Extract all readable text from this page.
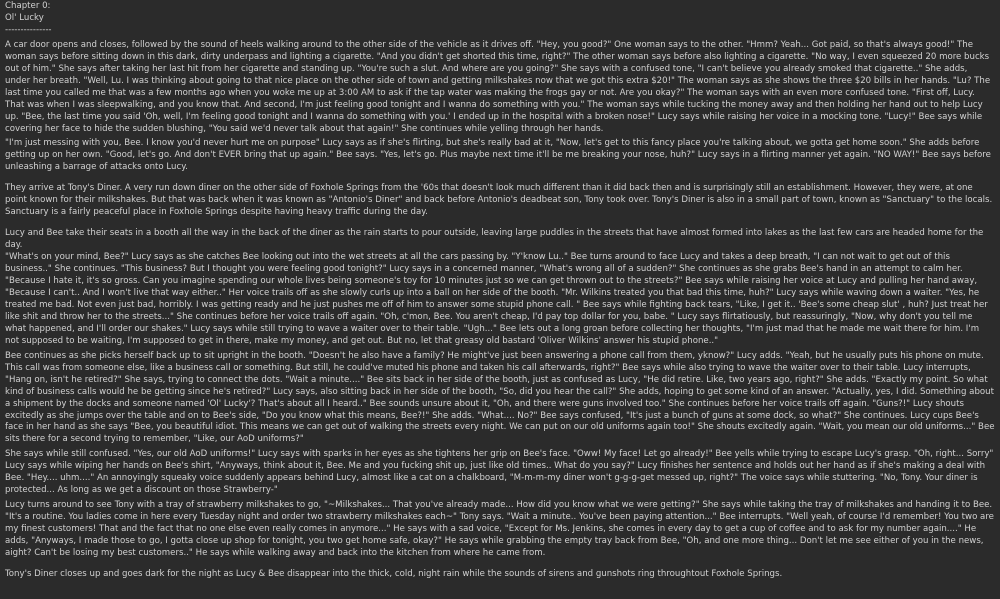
Chapter 0:

Ol' Lucky

---------------

A car door opens and closes, followed by the sound of heels walking around to the other side of the vehicle as it drives off. "Hey, you good?" One woman says to the other. "Hmm? Yeah... Got paid, so that's always good!" The woman says before sitting down in this dark, dirty underpass and lighting a cigarette. "And you didn't get shorted this time, right?" The other woman says before also lighting a cigarette. "No way, I even squeezed 20 more bucks out of him." She says after taking her last hit from her cigarette and standing up. "You're such a slut. And where are you going?" She says with a confused tone, "I can't believe you already smoked that cigarette.." She adds, under her breath. "Well, Lu. I was thinking about going to that nice place on the other side of town and getting milkshakes now that we got this extra $20!" The woman says as she shows the three $20 bills in her hands. "Lu? The last time you called me that was a few months ago when you woke me up at 3:00 AM to ask if the tap water was making the frogs gay or not. Are you okay?" The woman says with an even more confused tone. "First off, Lucy. That was when I was sleepwalking, and you know that. And second, I'm just feeling good tonight and I wanna do something with you." The woman says while tucking the money away and then holding her hand out to help Lucy up. "Bee, the last time you said 'Oh, well, I'm feeling good tonight and I wanna do something with you.' I ended up in the hospital with a broken nose!" Lucy says while raising her voice in a mocking tone. "Lucy!" Bee says while covering her face to hide the sudden blushing, "You said we'd never talk about that again!" She continues while yelling through her hands.

"I'm just messing with you, Bee. I know you'd never hurt me on purpose" Lucy says as if she's flirting, but she's really bad at it, "Now, let's get to this fancy place you're talking about, we gotta get home soon." She adds before getting up on her own. "Good, let's go. And don't EVER bring that up again." Bee says. "Yes, let's go. Plus maybe next time it'll be me breaking your nose, huh?" Lucy says in a flirting manner yet again. "NO WAY!" Bee says before unleashing a barrage of attacks onto Lucy.

They arrive at Tony's Diner. A very run down diner on the other side of Foxhole Springs from the '60s that doesn't look much different than it did back then and is surprisingly still an establishment. However, they were, at one point known for their milkshakes. But that was back when it was known as "Antonio's Diner" and back before Antonio's deadbeat son, Tony took over. Tony's Diner is also in a small part of town, known as "Sanctuary" to the locals. Sanctuary is a fairly peaceful place in Foxhole Springs despite having heavy traffic during the day.

Lucy and Bee take their seats in a booth all the way in the back of the diner as the rain starts to pour outside, leaving large puddles in the streets that have almost formed into lakes as the last few cars are headed home for the day.
"What's on your mind, Bee?" Lucy says as she catches Bee looking out into the wet streets at all the cars passing by. "Y'know Lu.." Bee turns around to face Lucy and takes a deep breath, "I can not wait to get out of this business.." She continues. "This business? But I thought you were feeling good tonight?" Lucy says in a concerned manner, "What's wrong all of a sudden?" She continues as she grabs Bee's hand in an attempt to calm her. "Because I hate it, it's so gross. Can you imagine spending our whole lives being someone's toy for 10 minutes just so we can get thrown out to the streets?" Bee says while raising her voice at Lucy and pulling her hand away, "Because I can't.. And I won't live that way either.." Her voice trails off as she slowly curls up into a ball on her side of the booth. "Mr. Wilkins treated you that bad this time, huh?" Lucy says while waving down a waiter. "Yes, he treated me bad. Not even just bad, horribly. I was getting ready and he just pushes me off of him to answer some stupid phone call. " Bee says while fighting back tears, "Like, I get it.. 'Bee's some cheap slut' , huh? Just treat her like shit and throw her to the streets..." She continues before her voice trails off again. "Oh, c'mon, Bee. You aren't cheap, I'd pay top dollar for you, babe. " Lucy says flirtatiously, but reassuringly, "Now, why don't you tell me what happened, and I'll order our shakes." Lucy says while still trying to wave a waiter over to their table. "Ugh..." Bee lets out a long groan before collecting her thoughts, "I'm just mad that he made me wait there for him. I'm not supposed to be waiting, I'm supposed to get in there, make my money, and get out. But no, let that greasy old bastard 'Oliver Wilkins' answer his stupid phone.."

Bee continues as she picks herself back up to sit upright in the booth. "Doesn't he also have a family? He might've just been answering a phone call from them, yknow?" Lucy adds. "Yeah, but he usually puts his phone on mute. This call was from someone else, like a business call or something. But still, he could've muted his phone and taken his call afterwards, right?" Bee says while also trying to wave the waiter over to their table. Lucy interrupts, "Hang on, isn't he retired?" She says, trying to connect the dots. "Wait a minute...." Bee sits back in her side of the booth, just as confused as Lucy, "He did retire. Like, two years ago, right?" She adds. "Exactly my point. So what kind of business calls would he be getting since he's retired?" Lucy says, also sitting back in her side of the booth, "So, did you hear the call?" She adds, hoping to get some kind of an answer. "Actually, yes, I did. Something about a shipment by the docks and someone named 'Ol' Lucky'? That's about all I heard.." Bee sounds unsure about it, "Oh, and there were guns involved too." She continues before her voice trails off again. "Guns?!" Lucy shouts excitedly as she jumps over the table and on to Bee's side, "Do you know what this means, Bee?!" She adds. "What.... No?" Bee says confused, "It's just a bunch of guns at some dock, so what?" She continues. Lucy cups Bee's face in her hand as she says "Bee, you beautiful idiot. This means we can get out of walking the streets every night. We can put on our old uniforms again too!" She shouts excitedly again. "Wait, you mean our old uniforms..." Bee sits there for a second trying to remember, "Like, our AoD uniforms?"

She says while still confused. "Yes, our old AoD uniforms!" Lucy says with sparks in her eyes as she tightens her grip on Bee's face. "Oww! My face! Let go already!" Bee yells while trying to escape Lucy's grasp. "Oh, right... Sorry" Lucy says while wiping her hands on Bee's shirt, "Anyways, think about it, Bee. Me and you fucking shit up, just like old times.. What do you say?" Lucy finishes her sentence and holds out her hand as if she's making a deal with Bee. "Hey.... uhm...." An annoyingly squeaky voice suddenly appears behind Lucy, almost like a cat on a chalkboard, "M-m-m-my diner won't g-g-g-get messed up, right?" The voice says while stuttering. "No, Tony. Your diner is protected... As long as we get a discount on those Strawberry-"

Lucy turns around to see Tony with a tray of strawberry milkshakes to go, "~Milkshakes... That you've already made... How did you know what we were getting?" She says while taking the tray of milkshakes and handing it to Bee. "It's a routine. You ladies come in here every Tuesday night and order two strawberry milkshakes each~" Tony says. "Wait a minute.. You've been paying attention..." Bee interrupts. "Well yeah, of course I'd remember! You two are my finest customers! That and the fact that no one else even really comes in anymore..." He says with a sad voice, "Except for Ms. Jenkins, she comes in every day to get a cup of coffee and to ask for my number again...." He adds, "Anyways, I made those to go, I gotta close up shop for tonight, you two get home safe, okay?" He says while grabbing the empty tray back from Bee, "Oh, and one more thing... Don't let me see either of you in the news, aight? Can't be losing my best customers.." He says while walking away and back into the kitchen from where he came from.

Tony's Diner closes up and goes dark for the night as Lucy & Bee disappear into the thick, cold, night rain while the sounds of sirens and gunshots ring throughtout Foxhole Springs.
